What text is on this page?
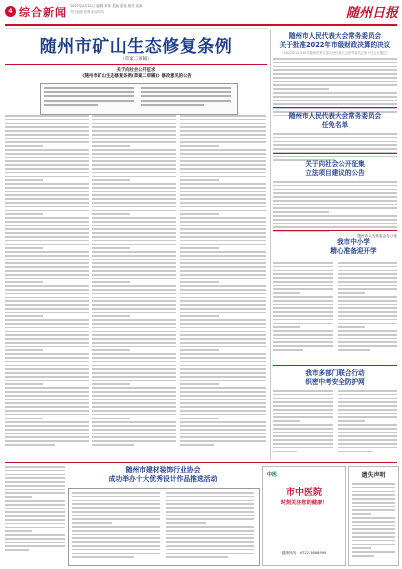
4 综合新闻 2022年4月11日 编辑 宋伟 美编 某某 校对 某某
责任编辑 统筹 新闻热线	随州日报
随州市矿山生态修复条例
（草案二审稿）
关于向社会公开征求
《随州市矿山生态修复条例(草案二审稿)》修改意见的公告
随州市人民代表大会常务委员会
关于批准2022年市级财政决算的决议
（2022年12月30日随州市第五届人民代表大会常务委员会第十次会议通过）
随州市人民代表大会常务委员会
任免名单
关于向社会公开征集
立法项目建议的公告
随州市人大常委会办公室
我市中小学
精心准备迎开学
我市多部门联合行动
织密中考安全防护网
随州市建材装饰行业协会
成功举办十大优秀设计作品推选活动	中医
市中医院
时刻关注您的健康！
健康热线：0722-3888999
遗失声明
